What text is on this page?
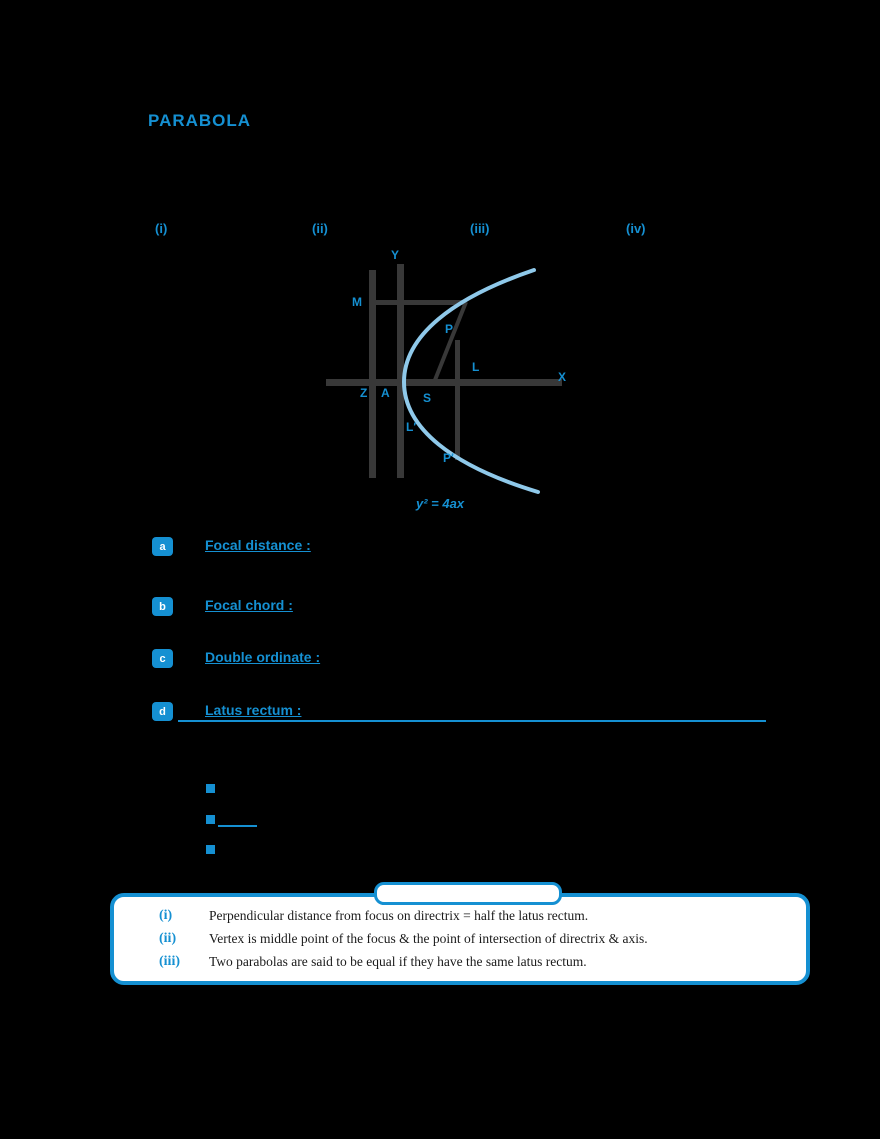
PARABOLA
(i)	(ii)	(iii)	(iv)
Y
M
P
L
Z A	S
X
L′
P′
y² = 4ax
a	Focal distance :
b	Focal chord :
c	Double ordinate :
d	Latus rectum :
(i)	Perpendicular distance from focus on directrix = half the latus rectum.
(ii) Vertex is middle point of the focus & the point of intersection of directrix & axis.
(iii) Two parabolas are said to be equal if they have the same latus rectum.
